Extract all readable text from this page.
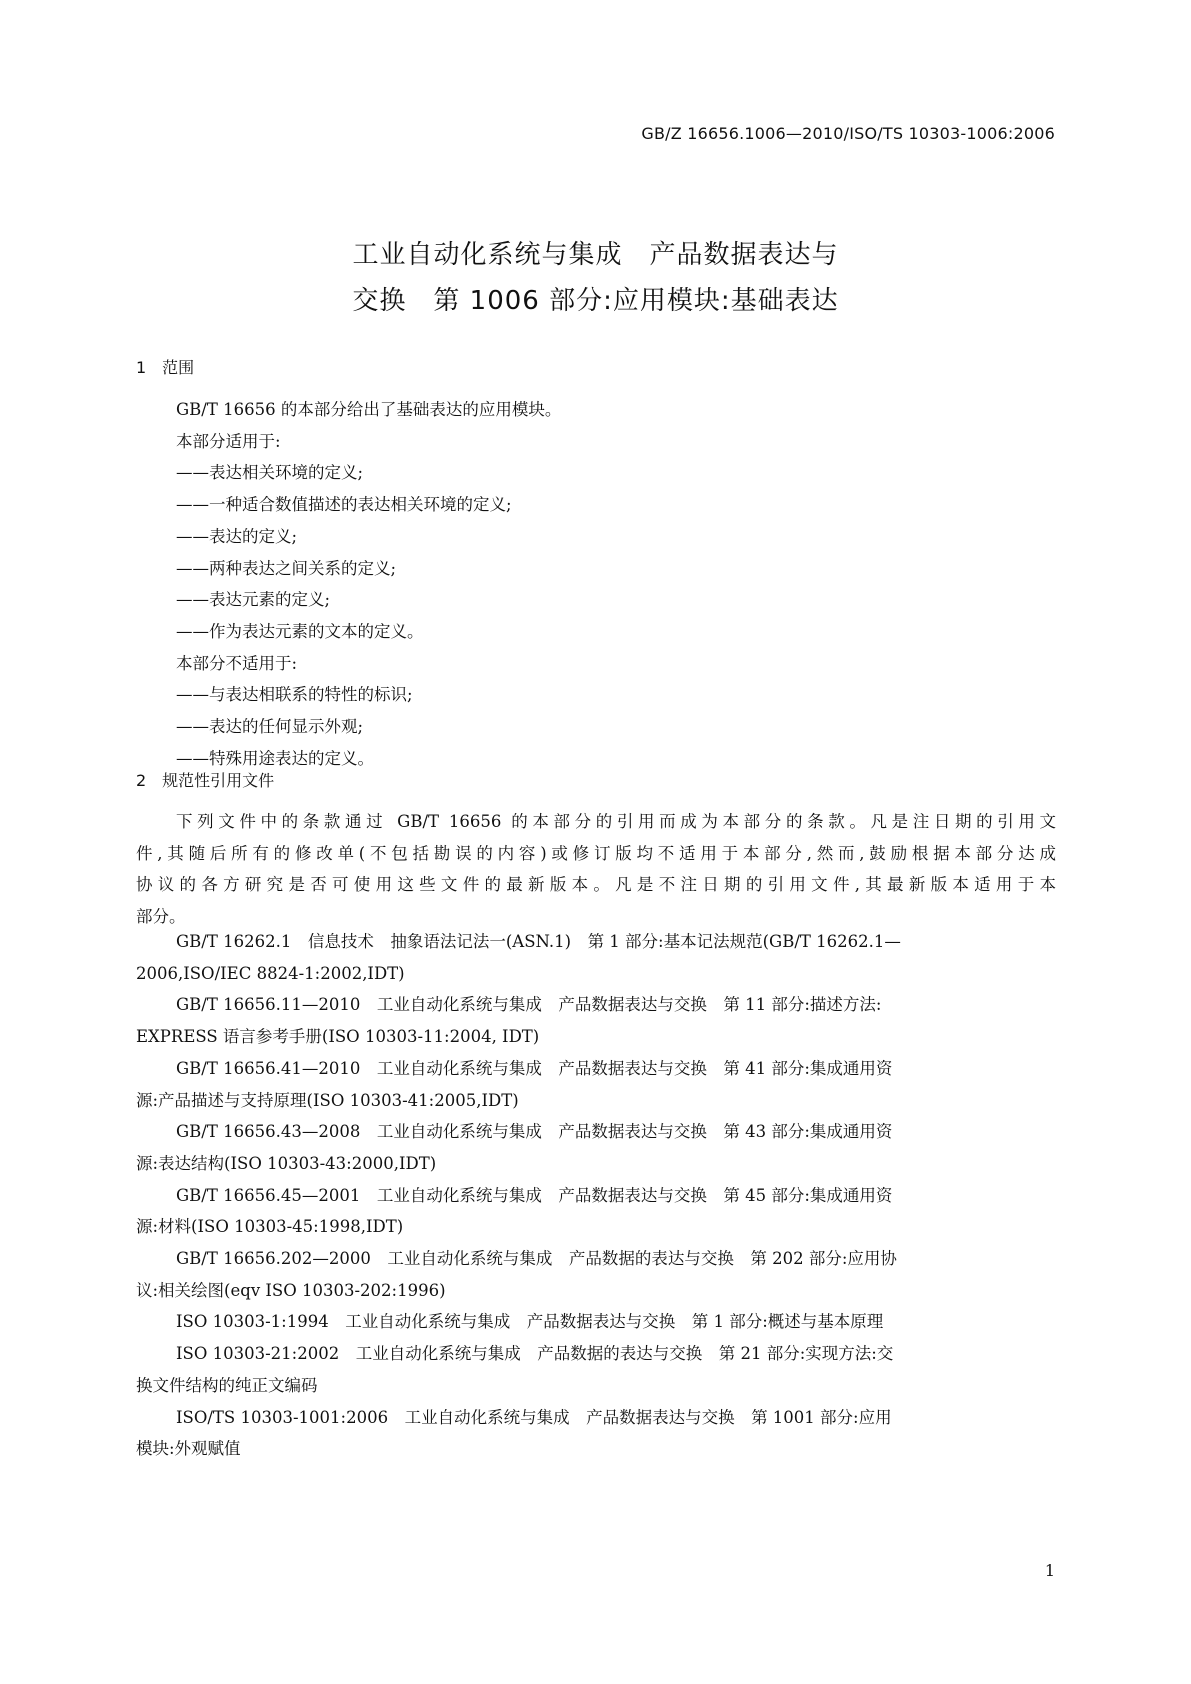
GB/Z 16656.1006—2010/ISO/TS 10303-1006:2006
工业自动化系统与集成　产品数据表达与
交换　第 1006 部分:应用模块:基础表达
1　范围

GB/T 16656 的本部分给出了基础表达的应用模块。

本部分适用于:

——表达相关环境的定义;

——一种适合数值描述的表达相关环境的定义;

——表达的定义;

——两种表达之间关系的定义;

——表达元素的定义;

——作为表达元素的文本的定义。

本部分不适用于:

——与表达相联系的特性的标识;

——表达的任何显示外观;

——特殊用途表达的定义。

2　规范性引用文件

下列文件中的条款通过 GB/T 16656 的本部分的引用而成为本部分的条款。凡是注日期的引用文

件,其随后所有的修改单(不包括勘误的内容)或修订版均不适用于本部分,然而,鼓励根据本部分达成

协议的各方研究是否可使用这些文件的最新版本。凡是不注日期的引用文件,其最新版本适用于本

部分。

GB/T 16262.1　信息技术　抽象语法记法一(ASN.1)　第 1 部分:基本记法规范(GB/T 16262.1—

2006,ISO/IEC 8824-1:2002,IDT)

GB/T 16656.11—2010　工业自动化系统与集成　产品数据表达与交换　第 11 部分:描述方法:

EXPRESS 语言参考手册(ISO 10303-11:2004, IDT)

GB/T 16656.41—2010　工业自动化系统与集成　产品数据表达与交换　第 41 部分:集成通用资

源:产品描述与支持原理(ISO 10303-41:2005,IDT)

GB/T 16656.43—2008　工业自动化系统与集成　产品数据表达与交换　第 43 部分:集成通用资

源:表达结构(ISO 10303-43:2000,IDT)

GB/T 16656.45—2001　工业自动化系统与集成　产品数据表达与交换　第 45 部分:集成通用资

源:材料(ISO 10303-45:1998,IDT)

GB/T 16656.202—2000　工业自动化系统与集成　产品数据的表达与交换　第 202 部分:应用协

议:相关绘图(eqv ISO 10303-202:1996)

ISO 10303-1:1994　工业自动化系统与集成　产品数据表达与交换　第 1 部分:概述与基本原理

ISO 10303-21:2002　工业自动化系统与集成　产品数据的表达与交换　第 21 部分:实现方法:交

换文件结构的纯正文编码

ISO/TS 10303-1001:2006　工业自动化系统与集成　产品数据表达与交换　第 1001 部分:应用

模块:外观赋值

1
